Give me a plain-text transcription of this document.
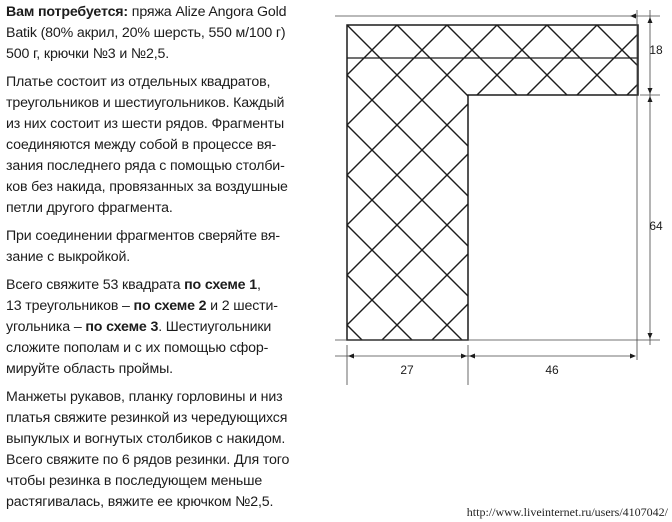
Вам потребуется: пряжа Alize Angora Gold
Batik (80% акрил, 20% шерсть, 550 м/100 г)
500 г, крючки №3 и №2,5.
Платье состоит из отдельных квадратов,
треугольников и шестиугольников. Каждый
из них состоит из шести рядов. Фрагменты
соединяются между собой в процессе вя-
зания последнего ряда с помощью столби-
ков без накида, провязанных за воздушные
петли другого фрагмента.
При соединении фрагментов сверяйте вя-
зание с выкройкой.
Всего свяжите 53 квадрата по схеме 1,
13 треугольников – по схеме 2 и 2 шести-
угольника – по схеме 3. Шестиугольники
сложите пополам и с их помощью сфор-
мируйте область проймы.
Манжеты рукавов, планку горловины и низ
платья свяжите резинкой из чередующихся
выпуклых и вогнутых столбиков с накидом.
Всего свяжите по 6 рядов резинки. Для того
чтобы резинка в последующем меньше
растягивалась, вяжите ее крючком №2,5.
18
64
27	46
http://www.liveinternet.ru/users/4107042/
